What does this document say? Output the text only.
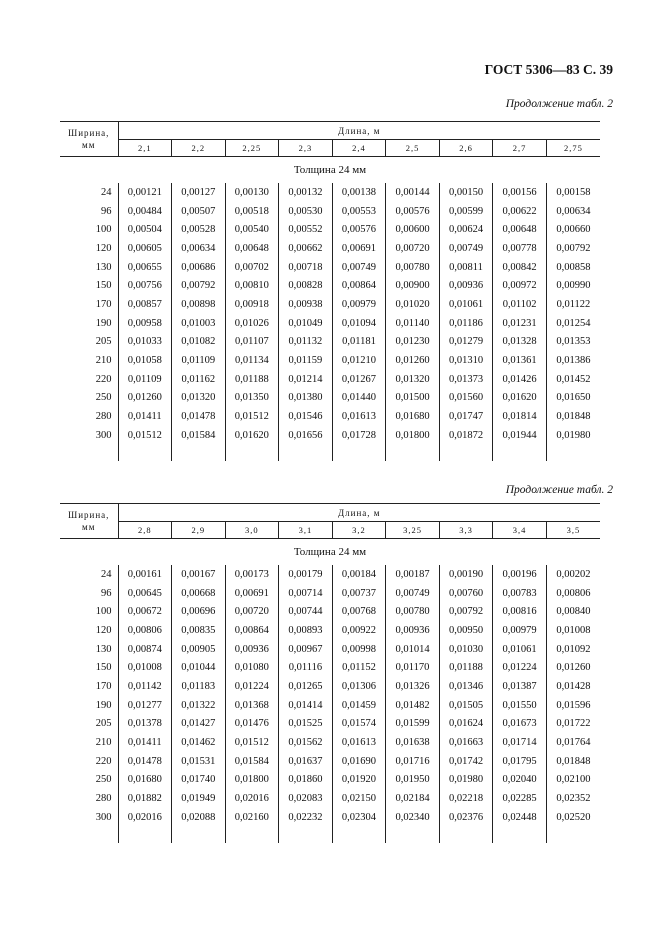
ГОСТ 5306—83 С. 39
Продолжение табл. 2
Продолжение табл. 2
Ширина, мм	Длина, м								
	2,1	2,2	2,25	2,3	2,4	2,5	2,6	2,7	2,75
Толщина 24 мм									
24	0,00121	0,00127	0,00130	0,00132	0,00138	0,00144	0,00150	0,00156	0,00158
96	0,00484	0,00507	0,00518	0,00530	0,00553	0,00576	0,00599	0,00622	0,00634
100	0,00504	0,00528	0,00540	0,00552	0,00576	0,00600	0,00624	0,00648	0,00660
120	0,00605	0,00634	0,00648	0,00662	0,00691	0,00720	0,00749	0,00778	0,00792
130	0,00655	0,00686	0,00702	0,00718	0,00749	0,00780	0,00811	0,00842	0,00858
150	0,00756	0,00792	0,00810	0,00828	0,00864	0,00900	0,00936	0,00972	0,00990
170	0,00857	0,00898	0,00918	0,00938	0,00979	0,01020	0,01061	0,01102	0,01122
190	0,00958	0,01003	0,01026	0,01049	0,01094	0,01140	0,01186	0,01231	0,01254
205	0,01033	0,01082	0,01107	0,01132	0,01181	0,01230	0,01279	0,01328	0,01353
210	0,01058	0,01109	0,01134	0,01159	0,01210	0,01260	0,01310	0,01361	0,01386
220	0,01109	0,01162	0,01188	0,01214	0,01267	0,01320	0,01373	0,01426	0,01452
250	0,01260	0,01320	0,01350	0,01380	0,01440	0,01500	0,01560	0,01620	0,01650
280	0,01411	0,01478	0,01512	0,01546	0,01613	0,01680	0,01747	0,01814	0,01848
300	0,01512	0,01584	0,01620	0,01656	0,01728	0,01800	0,01872	0,01944	0,01980

Ширина, мм	Длина, м								
	2,8	2,9	3,0	3,1	3,2	3,25	3,3	3,4	3,5
Толщина 24 мм									
24	0,00161	0,00167	0,00173	0,00179	0,00184	0,00187	0,00190	0,00196	0,00202
96	0,00645	0,00668	0,00691	0,00714	0,00737	0,00749	0,00760	0,00783	0,00806
100	0,00672	0,00696	0,00720	0,00744	0,00768	0,00780	0,00792	0,00816	0,00840
120	0,00806	0,00835	0,00864	0,00893	0,00922	0,00936	0,00950	0,00979	0,01008
130	0,00874	0,00905	0,00936	0,00967	0,00998	0,01014	0,01030	0,01061	0,01092
150	0,01008	0,01044	0,01080	0,01116	0,01152	0,01170	0,01188	0,01224	0,01260
170	0,01142	0,01183	0,01224	0,01265	0,01306	0,01326	0,01346	0,01387	0,01428
190	0,01277	0,01322	0,01368	0,01414	0,01459	0,01482	0,01505	0,01550	0,01596
205	0,01378	0,01427	0,01476	0,01525	0,01574	0,01599	0,01624	0,01673	0,01722
210	0,01411	0,01462	0,01512	0,01562	0,01613	0,01638	0,01663	0,01714	0,01764
220	0,01478	0,01531	0,01584	0,01637	0,01690	0,01716	0,01742	0,01795	0,01848
250	0,01680	0,01740	0,01800	0,01860	0,01920	0,01950	0,01980	0,02040	0,02100
280	0,01882	0,01949	0,02016	0,02083	0,02150	0,02184	0,02218	0,02285	0,02352
300	0,02016	0,02088	0,02160	0,02232	0,02304	0,02340	0,02376	0,02448	0,02520
